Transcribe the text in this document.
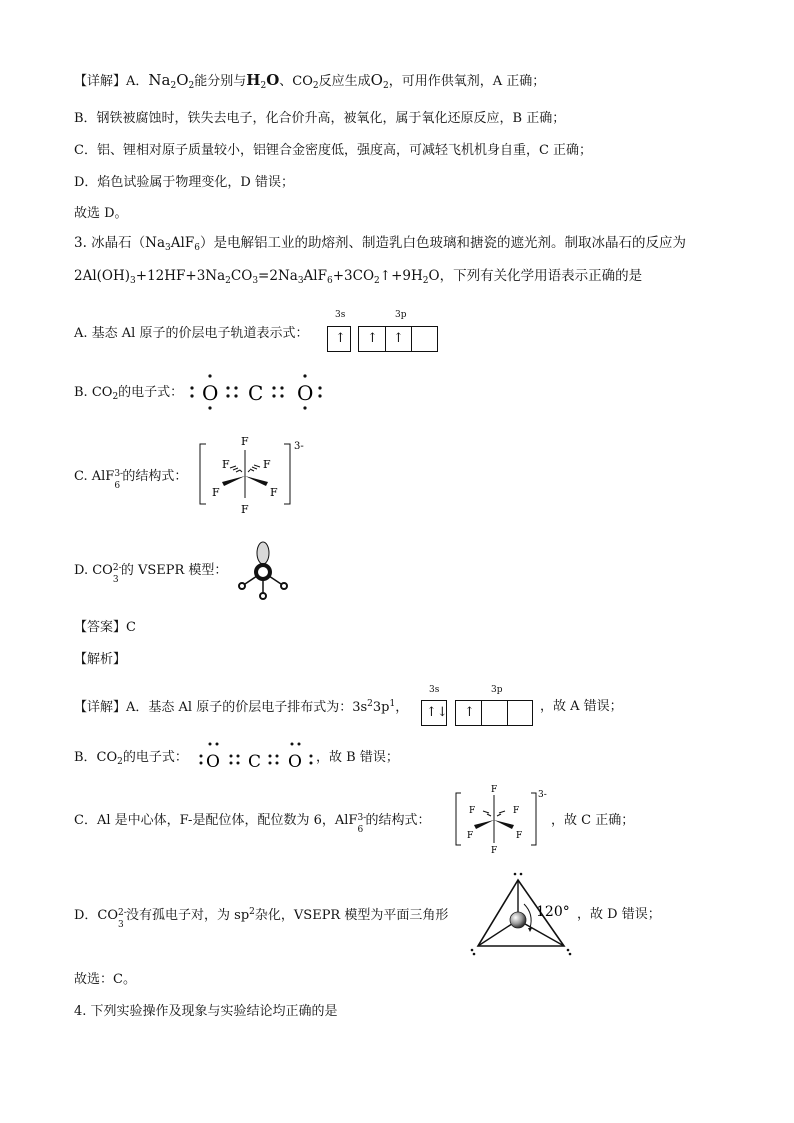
【详解】A．$Na_2O_2$能分别与$H_2O$、$CO_2$反应生成$O_2$，可用作供氧剂，A 正确；
B．钢铁被腐蚀时，铁失去电子，化合价升高，被氧化，属于氧化还原反应，B 正确；
C．铝、锂相对原子质量较小，铝锂合金密度低，强度高，可减轻飞机机身自重，C 正确；
D．焰色试验属于物理变化，D 错误；
故选 D。
3. 冰晶石$(Na_3AlF_6)$是电解铝工业的助熔剂、制造乳白色玻璃和搪瓷的遮光剂。制取冰晶石的反应为
$2Al(OH)_3+12HF+3Na_2CO_3=2Na_3AlF_6+3CO_2↑+9H_2O$，下列有关化学用语表示正确的是
A. 基态 Al 原子的价层电子轨道表示式：
3s	3p
↑ ↑ ↑
B. $CO_2$的电子式： O C O
C. AlF 3-
6
的结构式：
F
F	F
F	F
F
3-
D. CO 2-
3
的 VSEPR 模型：
【答案】C
【解析】
【详解】A．基态 Al 原子的价层电子排布式为：$3s^23p^1$，
3s	3p
↑↓ ↑	，故 A 错误；
B．$CO_2$的电子式： O C O ，故 B 错误；
C．Al 是中心体，F-是配位体，配位数为 6，AlF 3-
6
的结构式：
F
F	F
F	F
F
3-
，故 C 正确；
D．CO 2-
3
没有孤电子对，为 $sp^2$杂化，VSEPR 模型为平面三角形	120° ，故 D 错误；
故选：C。
4. 下列实验操作及现象与实验结论均正确的是
